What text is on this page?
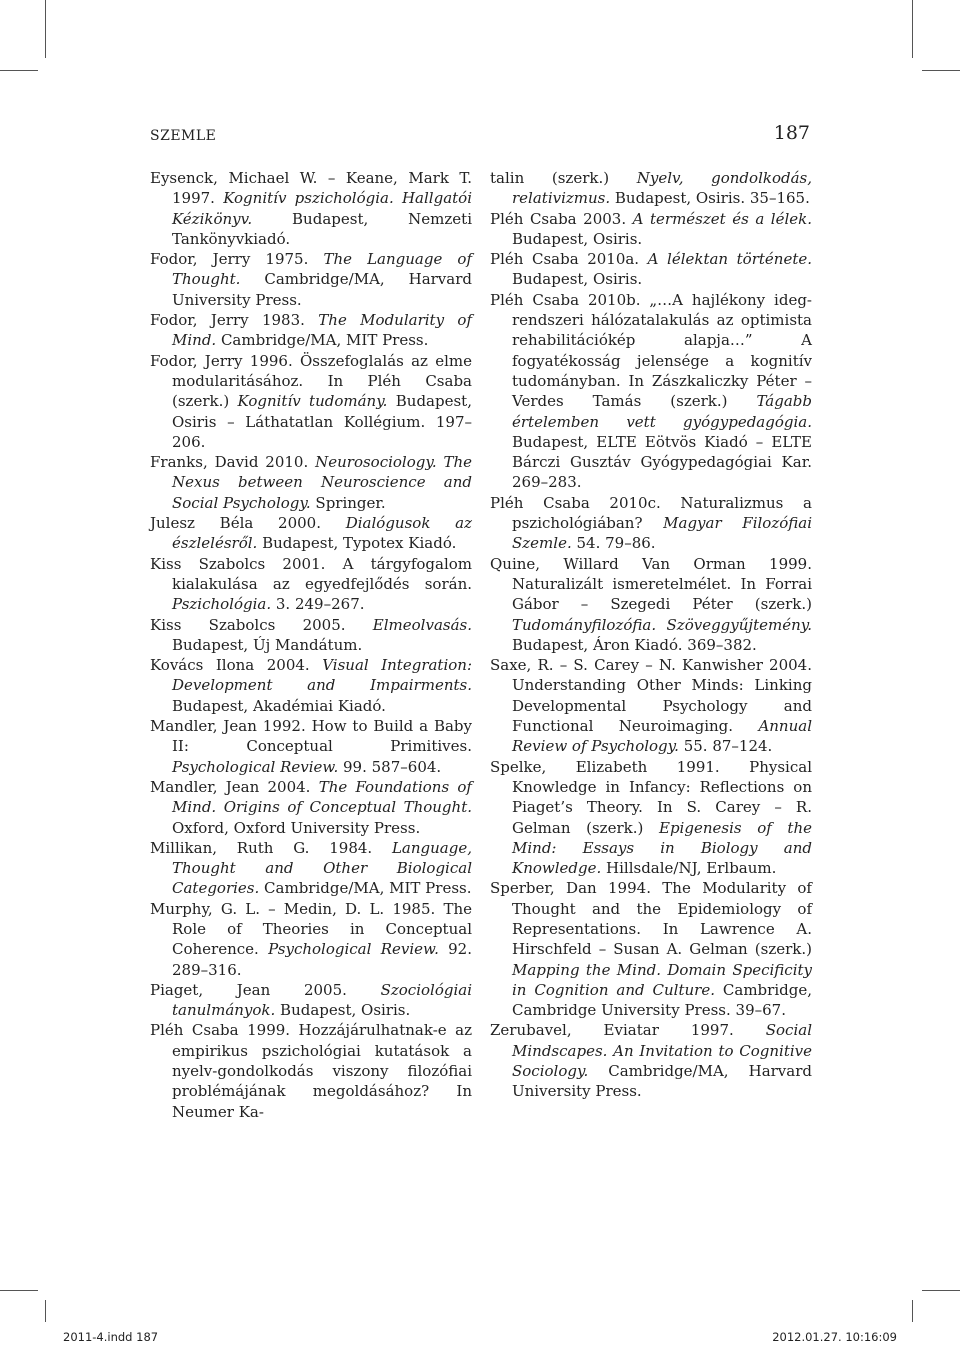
SZEMLE	187

Eysenck, Michael W. – Keane, Mark T. 1997. Kognitív pszichológia. Hallgatói Kézikönyv. Budapest, Nemzeti Tankönyvkiadó.

Fodor, Jerry 1975. The Language of Thought. Cambridge/MA, Harvard University Press.

Fodor, Jerry 1983. The Modularity of Mind. Cambridge/MA, MIT Press.

Fodor, Jerry 1996. Összefoglalás az elme modularitásához. In Pléh Csaba (szerk.) Kognitív tudomány. Budapest, Osiris – Láthatatlan Kollégium. 197–206.

Franks, David 2010. Neurosociology. The Nexus between Neuroscience and Social Psychology. Springer.

Julesz Béla 2000. Dialógusok az észlelésről. Budapest, Typotex Kiadó.

Kiss Szabolcs 2001. A tárgyfogalom kialakulása az egyedfejlődés során. Pszichológia. 3. 249–267.

Kiss Szabolcs 2005. Elmeolvasás. Budapest, Új Mandátum.

Kovács Ilona 2004. Visual Integration: Development and Impairments. Budapest, Akadémiai Kiadó.

Mandler, Jean 1992. How to Build a Baby II: Conceptual Primitives. Psychological Review. 99. 587–604.

Mandler, Jean 2004. The Foundations of Mind. Origins of Conceptual Thought. Oxford, Oxford University Press.

Millikan, Ruth G. 1984. Language, Thought and Other Biological Categories. Cambridge/MA, MIT Press.

Murphy, G. L. – Medin, D. L. 1985. The Role of Theories in Conceptual Coherence. Psychological Review. 92. 289–316.

Piaget, Jean 2005. Szociológiai tanulmányok. Budapest, Osiris.

Pléh Csaba 1999. Hozzájárulhatnak-e az empirikus pszichológiai kutatások a nyelv-gondolkodás viszony filozófiai problémájának megoldásához? In Neumer Ka-

talin (szerk.) Nyelv, gondolkodás, relativizmus. Budapest, Osiris. 35–165.

Pléh Csaba 2003. A természet és a lélek. Budapest, Osiris.

Pléh Csaba 2010a. A lélektan története. Budapest, Osiris.

Pléh Csaba 2010b. „…A hajlékony idegrendszeri hálózatalakulás az optimista rehabilitációkép alapja…” A fogyatékosság jelensége a kognitív tudományban. In Zászkaliczky Péter – Verdes Tamás (szerk.) Tágabb értelemben vett gyógypedagógia. Budapest, ELTE Eötvös Kiadó – ELTE Bárczi Gusztáv Gyógypedagógiai Kar. 269–283.

Pléh Csaba 2010c. Naturalizmus a pszichológiában? Magyar Filozófiai Szemle. 54. 79–86.

Quine, Willard Van Orman 1999. Naturalizált ismeretelmélet. In Forrai Gábor – Szegedi Péter (szerk.) Tudományfilozófia. Szöveggyűjtemény. Budapest, Áron Kiadó. 369–382.

Saxe, R. – S. Carey – N. Kanwisher 2004. Understanding Other Minds: Linking Developmental Psychology and Functional Neuroimaging. Annual Review of Psychology. 55. 87–124.

Spelke, Elizabeth 1991. Physical Knowledge in Infancy: Reflections on Piaget’s Theory. In S. Carey – R. Gelman (szerk.) Epigenesis of the Mind: Essays in Biology and Knowledge. Hillsdale/NJ, Erlbaum.

Sperber, Dan 1994. The Modularity of Thought and the Epidemiology of Representations. In Lawrence A. Hirschfeld – Susan A. Gelman (szerk.) Mapping the Mind. Domain Specificity in Cognition and Culture. Cambridge, Cambridge University Press. 39–67.

Zerubavel, Eviatar 1997. Social Mindscapes. An Invitation to Cognitive Sociology. Cambridge/MA, Harvard University Press.

2011-4.indd 187	2012.01.27. 10:16:09
